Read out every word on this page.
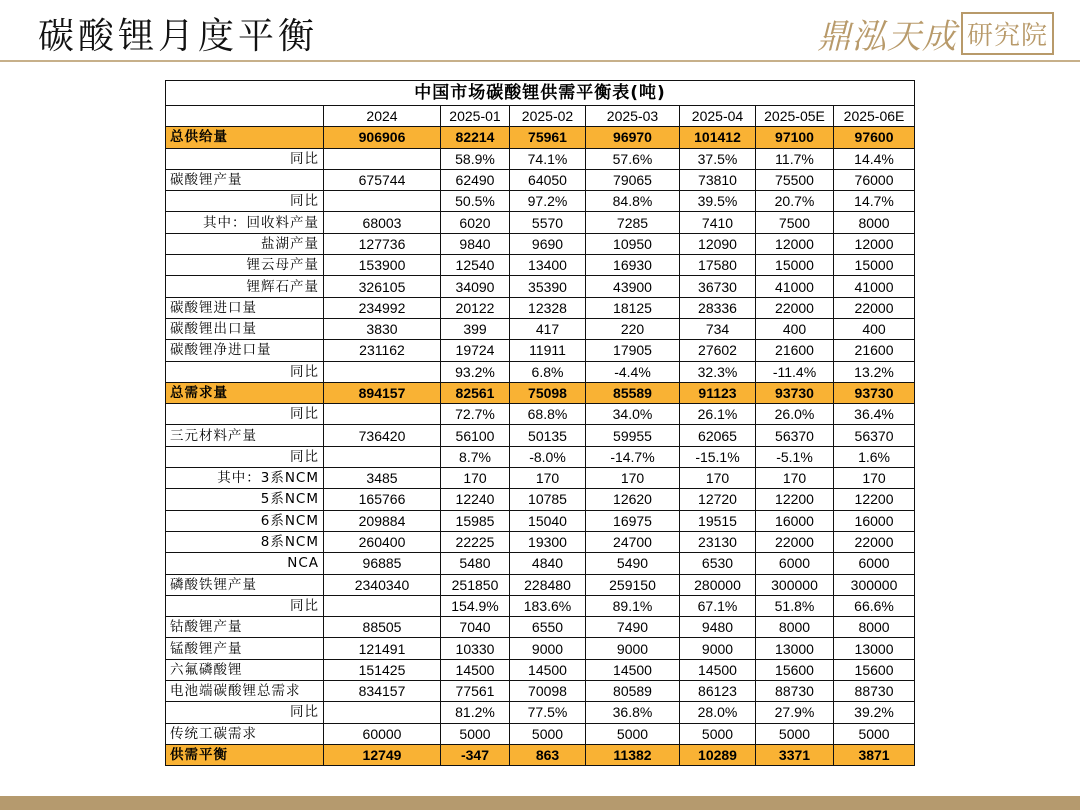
碳酸锂月度平衡	鼎泓天成 研究院
中国市场碳酸锂供需平衡表(吨)							
	2024	2025-01	2025-02	2025-03	2025-04	2025-05E	2025-06E
总供给量	906906	82214	75961	96970	101412	97100	97600
同比		58.9%	74.1%	57.6%	37.5%	11.7%	14.4%
碳酸锂产量	675744	62490	64050	79065	73810	75500	76000
同比		50.5%	97.2%	84.8%	39.5%	20.7%	14.7%
其中：回收料产量	68003	6020	5570	7285	7410	7500	8000
盐湖产量	127736	9840	9690	10950	12090	12000	12000
锂云母产量	153900	12540	13400	16930	17580	15000	15000
锂辉石产量	326105	34090	35390	43900	36730	41000	41000
碳酸锂进口量	234992	20122	12328	18125	28336	22000	22000
碳酸锂出口量	3830	399	417	220	734	400	400
碳酸锂净进口量	231162	19724	11911	17905	27602	21600	21600
同比		93.2%	6.8%	-4.4%	32.3%	-11.4%	13.2%
总需求量	894157	82561	75098	85589	91123	93730	93730
同比		72.7%	68.8%	34.0%	26.1%	26.0%	36.4%
三元材料产量	736420	56100	50135	59955	62065	56370	56370
同比		8.7%	-8.0%	-14.7%	-15.1%	-5.1%	1.6%
其中：3系NCM	3485	170	170	170	170	170	170
5系NCM	165766	12240	10785	12620	12720	12200	12200
6系NCM	209884	15985	15040	16975	19515	16000	16000
8系NCM	260400	22225	19300	24700	23130	22000	22000
NCA	96885	5480	4840	5490	6530	6000	6000
磷酸铁锂产量	2340340	251850	228480	259150	280000	300000	300000
同比		154.9%	183.6%	89.1%	67.1%	51.8%	66.6%
钴酸锂产量	88505	7040	6550	7490	9480	8000	8000
锰酸锂产量	121491	10330	9000	9000	9000	13000	13000
六氟磷酸锂	151425	14500	14500	14500	14500	15600	15600
电池端碳酸锂总需求	834157	77561	70098	80589	86123	88730	88730
同比		81.2%	77.5%	36.8%	28.0%	27.9%	39.2%
传统工碳需求	60000	5000	5000	5000	5000	5000	5000
供需平衡	12749	-347	863	11382	10289	3371	3871
